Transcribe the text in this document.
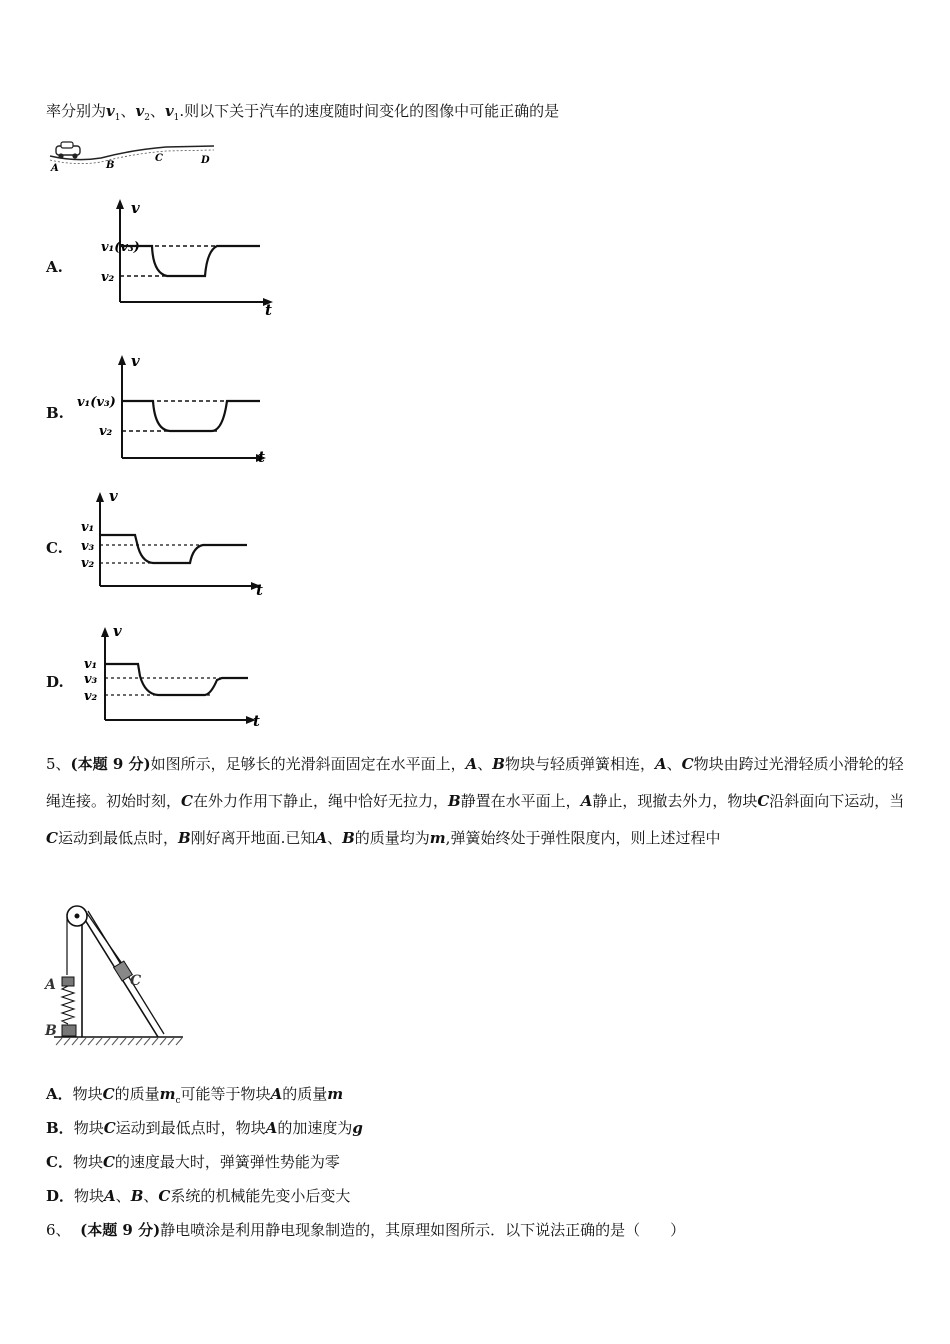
率分别为$v_1$、$v_2$、$v_1$.则以下关于汽车的速度随时间变化的图像中可能正确的是
A	B
C	D
A.
v
t
v₁(v₃)
v₂
B.
v
t
v₁(v₃)
v₂
C.
v
t
v₁
v₃
v₂
D.
v
t
v₁
v₃
v₂
5、(本题 9 分)如图所示，足够长的光滑斜面固定在水平面上，A、B物块与轻质弹簧相连，A、C物块由跨过光滑轻质小滑轮的轻绳连接。初始时刻，C在外力作用下静止，绳中恰好无拉力，B静置在水平面上，A静止，现撤去外力，物块C沿斜面向下运动，当C运动到最低点时，B刚好离开地面.已知A、B的质量均为m,弹簧始终处于弹性限度内，则上述过程中
A
B
C
A．物块C的质量$m_c$可能等于物块A的质量m
B．物块C运动到最低点时，物块A的加速度为g
C．物块C的速度最大时，弹簧弹性势能为零
D．物块A、B、C系统的机械能先变小后变大
6、 (本题 9 分)静电喷涂是利用静电现象制造的，其原理如图所示．以下说法正确的是（　　）
